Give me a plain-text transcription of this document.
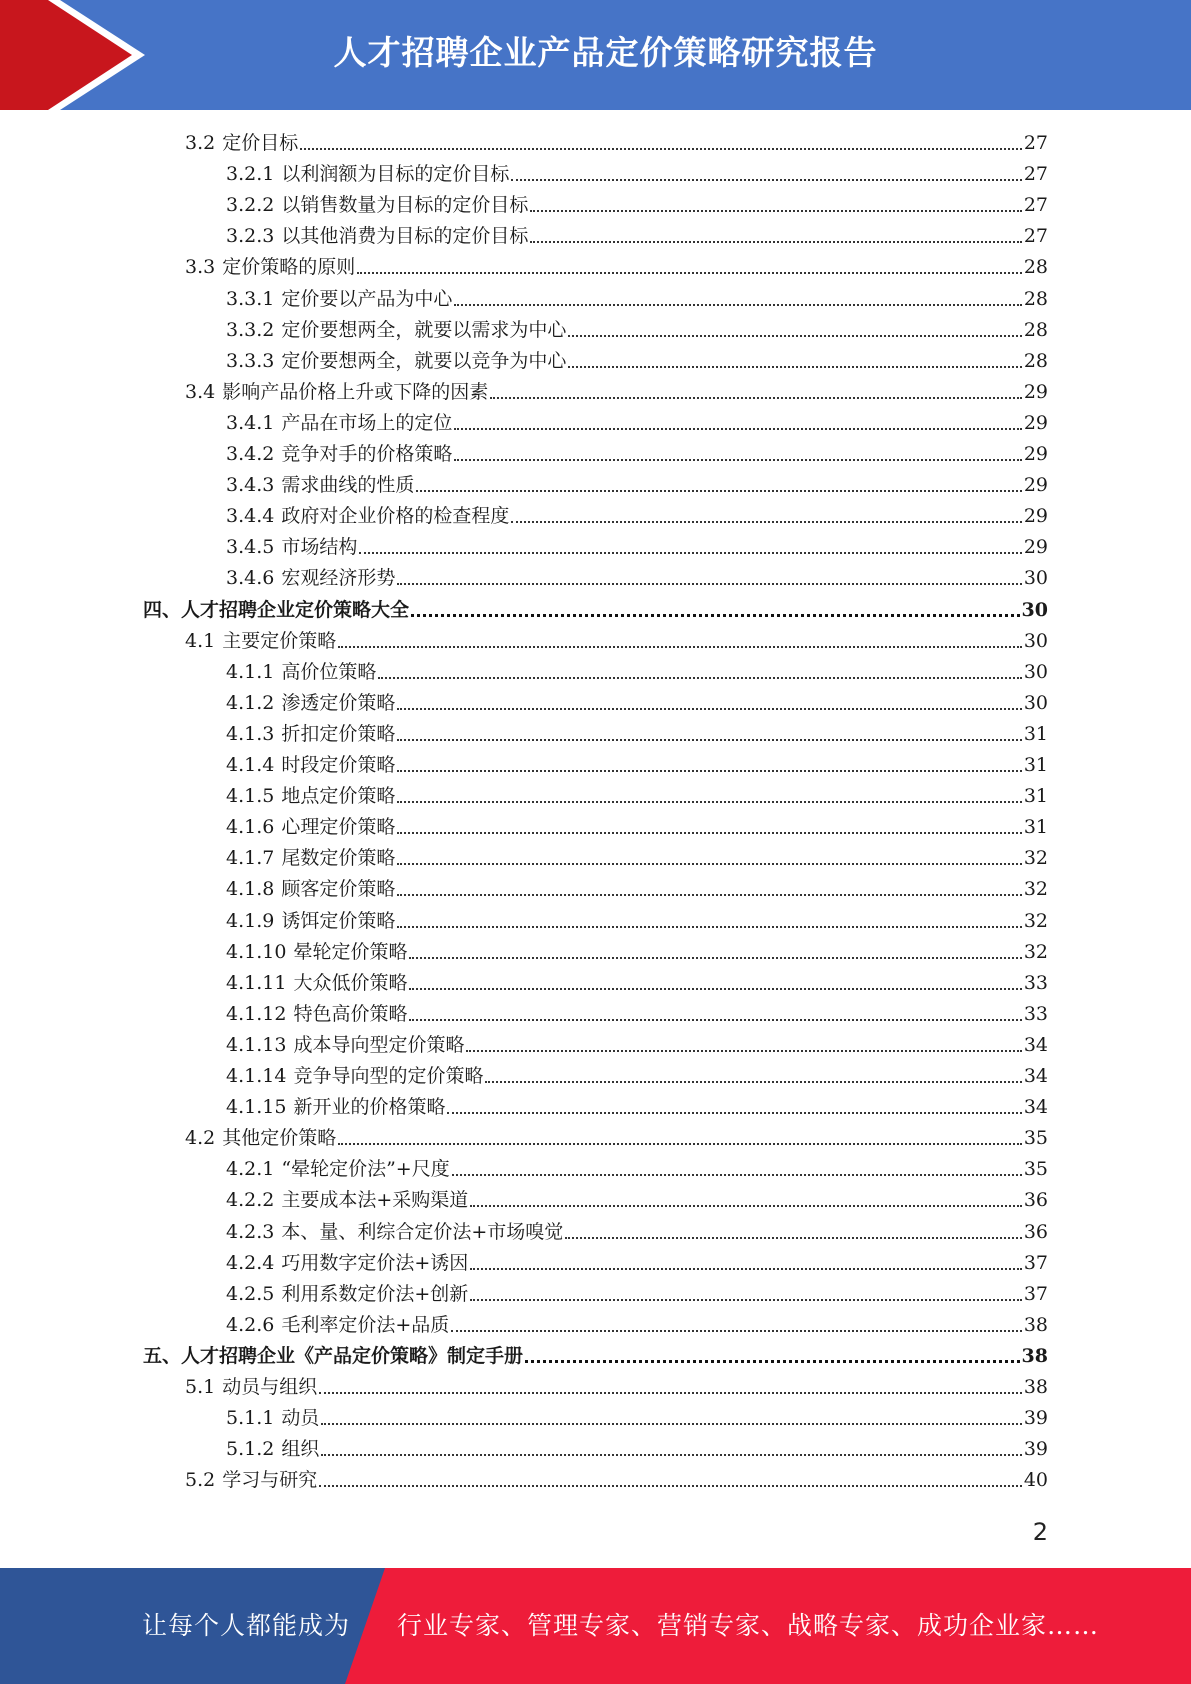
人才招聘企业产品定价策略研究报告
3.2 定价目标	27
3.2.1 以利润额为目标的定价目标	27
3.2.2 以销售数量为目标的定价目标	27
3.2.3 以其他消费为目标的定价目标	27
3.3 定价策略的原则	28
3.3.1 定价要以产品为中心	28
3.3.2 定价要想两全，就要以需求为中心	28
3.3.3 定价要想两全，就要以竞争为中心	28
3.4 影响产品价格上升或下降的因素	29
3.4.1 产品在市场上的定位	29
3.4.2 竞争对手的价格策略	29
3.4.3 需求曲线的性质	29
3.4.4 政府对企业价格的检查程度	29
3.4.5 市场结构	29
3.4.6 宏观经济形势	30
四、人才招聘企业定价策略大全	30
4.1 主要定价策略	30
4.1.1 高价位策略	30
4.1.2 渗透定价策略	30
4.1.3 折扣定价策略	31
4.1.4 时段定价策略	31
4.1.5 地点定价策略	31
4.1.6 心理定价策略	31
4.1.7 尾数定价策略	32
4.1.8 顾客定价策略	32
4.1.9 诱饵定价策略	32
4.1.10 晕轮定价策略	32
4.1.11 大众低价策略	33
4.1.12 特色高价策略	33
4.1.13 成本导向型定价策略	34
4.1.14 竞争导向型的定价策略	34
4.1.15 新开业的价格策略	34
4.2 其他定价策略	35
4.2.1 “晕轮定价法”+尺度	35
4.2.2 主要成本法+采购渠道	36
4.2.3 本、量、利综合定价法+市场嗅觉	36
4.2.4 巧用数字定价法+诱因	37
4.2.5 利用系数定价法+创新	37
4.2.6 毛利率定价法+品质	38
五、人才招聘企业《产品定价策略》制定手册	38
5.1 动员与组织	38
5.1.1 动员	39
5.1.2 组织	39
5.2 学习与研究	40
2
让每个人都能成为 行业专家、管理专家、营销专家、战略专家、成功企业家……
